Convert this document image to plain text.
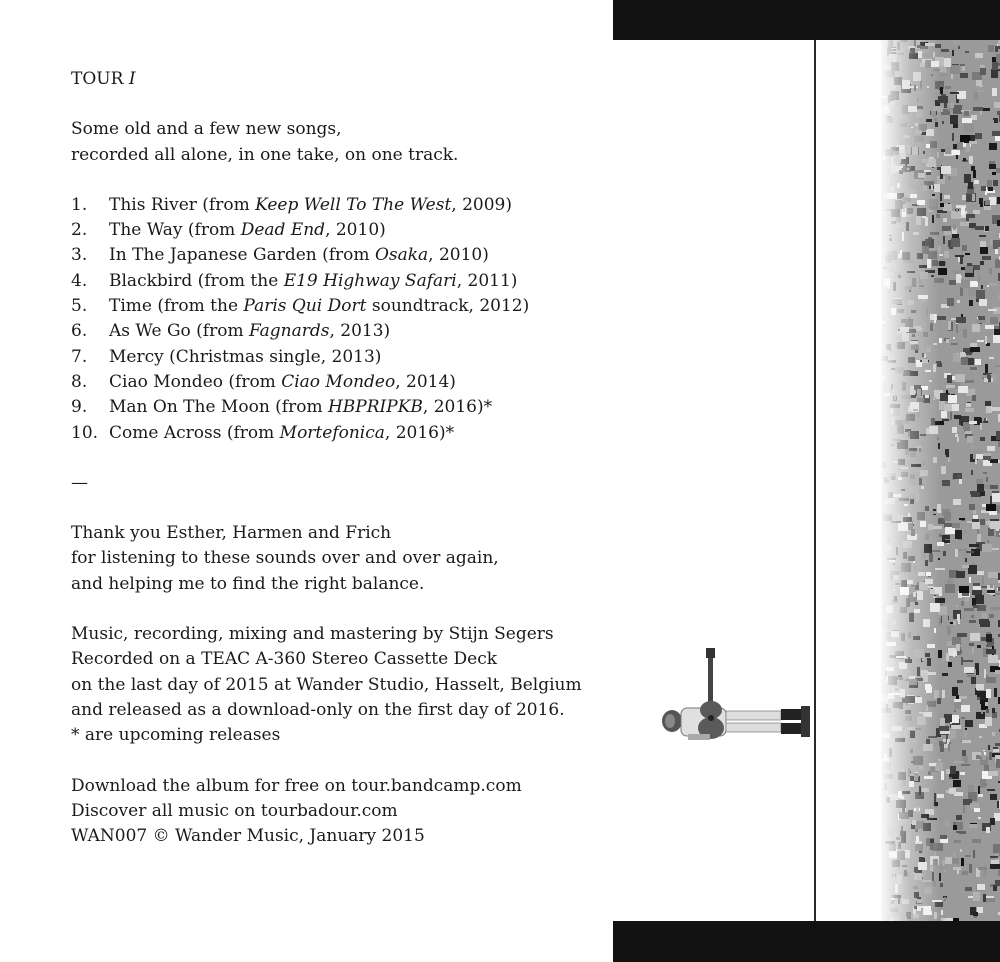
TOUR I
Some old and a few new songs,
recorded all alone, in one take, on one track.
1.	This River (from Keep Well To The West, 2009)
2.	The Way (from Dead End, 2010)
3.	In The Japanese Garden (from Osaka, 2010)
4.	Blackbird (from the E19 Highway Safari, 2011)
5.	Time (from the Paris Qui Dort soundtrack, 2012)
6.	As We Go (from Fagnards, 2013)
7.	Mercy (Christmas single, 2013)
8.	Ciao Mondeo (from Ciao Mondeo, 2014)
9.	Man On The Moon (from HBPRIPKB, 2016)*
10. Come Across (from Mortefonica, 2016)*
—
Thank you Esther, Harmen and Frich
for listening to these sounds over and over again,
and helping me to find the right balance.
Music, recording, mixing and mastering by Stijn Segers
Recorded on a TEAC A-360 Stereo Cassette Deck
on the last day of 2015 at Wander Studio, Hasselt, Belgium
and released as a download-only on the first day of 2016.
* are upcoming releases
Download the album for free on tour.bandcamp.com
Discover all music on tourbadour.com
WAN007 © Wander Music, January 2015
